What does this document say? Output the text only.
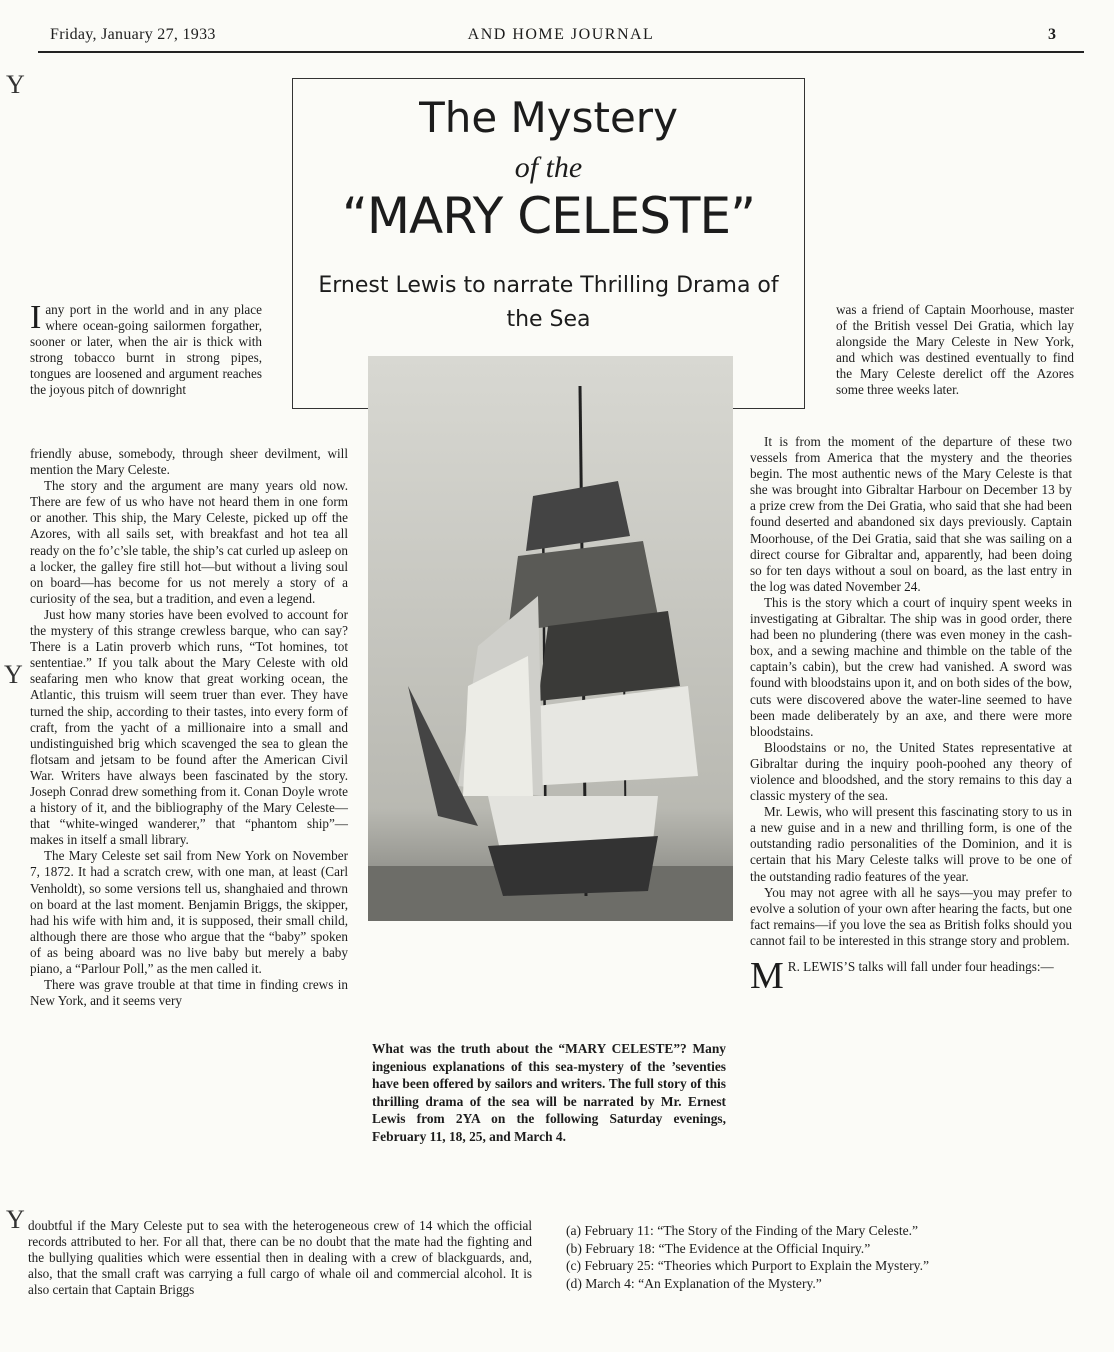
Friday, January 27, 1933	AND HOME JOURNAL	3
Y
Y
Y

Iany port in the world and in any place where ocean-going sailormen forgather, sooner or later, when the air is thick with strong tobacco burnt in strong pipes, tongues are loosened and argument reaches the joyous pitch of downright

friendly abuse, somebody, through sheer devilment, will mention the Mary Celeste.

The story and the argument are many years old now. There are few of us who have not heard them in one form or another. This ship, the Mary Celeste, picked up off the Azores, with all sails set, with breakfast and hot tea all ready on the fo’c’sle table, the ship’s cat curled up asleep on a locker, the galley fire still hot—but without a living soul on board—has become for us not merely a story of a curiosity of the sea, but a tradition, and even a legend.

Just how many stories have been evolved to account for the mystery of this strange crewless barque, who can say? There is a Latin proverb which runs, “Tot homines, tot sententiae.” If you talk about the Mary Celeste with old seafaring men who know that great working ocean, the Atlantic, this truism will seem truer than ever. They have turned the ship, according to their tastes, into every form of craft, from the yacht of a millionaire into a small and undistinguished brig which scavenged the sea to glean the flotsam and jetsam to be found after the American Civil War. Writers have always been fascinated by the story. Joseph Conrad drew something from it. Conan Doyle wrote a history of it, and the bibliography of the Mary Celeste—that “white-winged wanderer,” that “phantom ship”—makes in itself a small library.

The Mary Celeste set sail from New York on November 7, 1872. It had a scratch crew, with one man, at least (Carl Venholdt), so some versions tell us, shanghaied and thrown on board at the last moment. Benjamin Briggs, the skipper, had his wife with him and, it is supposed, their small child, although there are those who argue that the “baby” spoken of as being aboard was no live baby but merely a baby piano, a “Parlour Poll,” as the men called it.

There was grave trouble at that time in finding crews in New York, and it seems very

doubtful if the Mary Celeste put to sea with the heterogeneous crew of 14 which the official records attributed to her. For all that, there can be no doubt that the mate had the fighting and the bullying qualities which were essential then in dealing with a crew of blackguards, and, also, that the small craft was carrying a full cargo of whale oil and commercial alcohol. It is also certain that Captain Briggs

The Mystery
of the
“MARY CELESTE”
Ernest Lewis to narrate Thrilling Drama of the Sea
What was the truth about the “MARY CELESTE”? Many ingenious explanations of this sea-mystery of the ’seventies have been offered by sailors and writers. The full story of this thrilling drama of the sea will be narrated by Mr. Ernest Lewis from 2YA on the following Saturday evenings, February 11, 18, 25, and March 4.

was a friend of Captain Moorhouse, master of the British vessel Dei Gratia, which lay alongside the Mary Celeste in New York, and which was destined eventually to find the Mary Celeste derelict off the Azores some three weeks later.

It is from the moment of the departure of these two vessels from America that the mystery and the theories begin. The most authentic news of the Mary Celeste is that she was brought into Gibraltar Harbour on December 13 by a prize crew from the Dei Gratia, who said that she had been found deserted and abandoned six days previously. Captain Moorhouse, of the Dei Gratia, said that she was sailing on a direct course for Gibraltar and, apparently, had been doing so for ten days without a soul on board, as the last entry in the log was dated November 24.

This is the story which a court of inquiry spent weeks in investigating at Gibraltar. The ship was in good order, there had been no plundering (there was even money in the cash-box, and a sewing machine and thimble on the table of the captain’s cabin), but the crew had vanished. A sword was found with bloodstains upon it, and on both sides of the bow, cuts were discovered above the water-line seemed to have been made deliberately by an axe, and there were more bloodstains.

Bloodstains or no, the United States representative at Gibraltar during the inquiry pooh-poohed any theory of violence and bloodshed, and the story remains to this day a classic mystery of the sea.

Mr. Lewis, who will present this fascinating story to us in a new guise and in a new and thrilling form, is one of the outstanding radio personalities of the Dominion, and it is certain that his Mary Celeste talks will prove to be one of the outstanding radio features of the year.

You may not agree with all he says—you may prefer to evolve a solution of your own after hearing the facts, but one fact remains—if you love the sea as British folks should you cannot fail to be interested in this strange story and problem.

M R. LEWIS’S talks will fall under four headings:—

(a) February 11: “The Story of the Finding of the Mary Celeste.”
(b) February 18: “The Evidence at the Official Inquiry.”
(c) February 25: “Theories which Purport to Explain the Mystery.”
(d) March 4: “An Explanation of the Mystery.”
